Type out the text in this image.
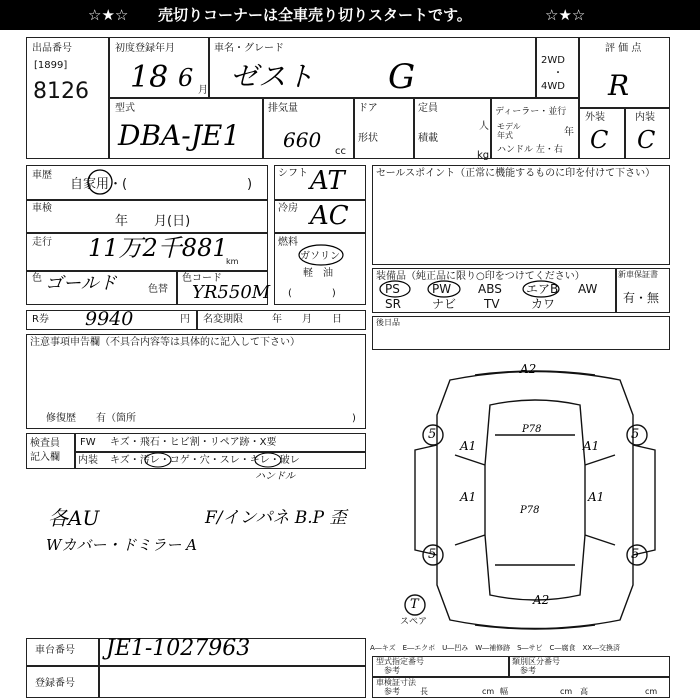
☆★☆ 売切りコーナーは全車売り切りスタートです。	☆★☆
出品番号
[1899]
8126
初度登録年月
18 6 月
車名・グレード
ゼスト G	2WD
・
4WD
評 価 点
R
型式
DBA-JE1
排気量
660 cc
ドア
形状
定員
人
積載
kg
ディーラー・並行
モデル
年式	年
ハンドル 左・右
外装	内装
C C
車歴
自家用・(	)
車検
年　　月(日)
走行 11万2千881
km
色 ゴールド	色替
色コード
YR550M
シフト AT
冷房 AC
燃料
ガソリン
軽　油
(　　　　)
R券 9940	円 名変期限	年　　月　　日
注意事項申告欄（不具合内容等は具体的に記入して下さい）
修復歴　　有（箇所	)
セールスポイント（正常に機能するものに印を付けて下さい）
装備品（純正品に限り○印をつけてください）	新車保証書
有・無
PS	PW ABS エアB AW
SR	ナビ TV	カワ
後日品
検査員
記入欄
FW キズ・飛石・ヒビ割・リペア跡・X要
内装 キズ・汚レ・コゲ・穴・スレ・キレ・破レ
ハンドル
各AU	F/インパネ B.P 歪
Wカバー・ドミラー A
A2
P78
A1	A1
P78
A1	A1
A2
5	5
5	5
T
スペア
A―キズ　E―エクボ　U―凹み　W―補修跡　S―サビ　C―腐食　XX―交換済
車台番号 JE1-1027963
登録番号
型式指定番号
参考
類別区分番号
参考
車検証寸法
参考	長	cm 幅	cm 高	cm
